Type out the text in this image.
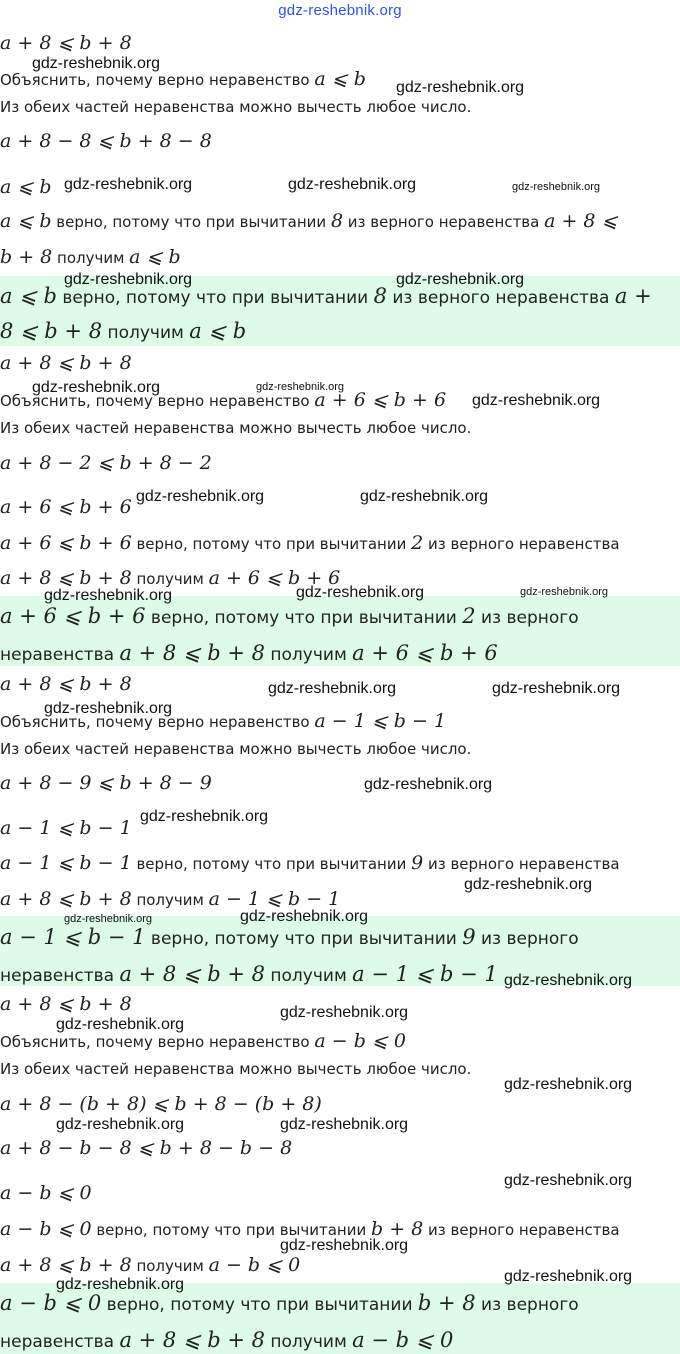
gdz-reshebnik.org
a + 8 ⩽ b + 8
Объяснить, почему верно неравенство a ⩽ b
Из обеих частей неравенства можно вычесть любое число.
a + 8 − 8 ⩽ b + 8 − 8
a ⩽ b
a ⩽ b верно, потому что при вычитании 8 из верного неравенства a + 8 ⩽
b + 8 получим a ⩽ b
a ⩽ b верно, потому что при вычитании 8 из верного неравенства a +
8 ⩽ b + 8 получим a ⩽ b
a + 8 ⩽ b + 8
Объяснить, почему верно неравенство a + 6 ⩽ b + 6
Из обеих частей неравенства можно вычесть любое число.
a + 8 − 2 ⩽ b + 8 − 2
a + 6 ⩽ b + 6
a + 6 ⩽ b + 6 верно, потому что при вычитании 2 из верного неравенства
a + 8 ⩽ b + 8 получим a + 6 ⩽ b + 6
a + 6 ⩽ b + 6 верно, потому что при вычитании 2 из верного
неравенства a + 8 ⩽ b + 8 получим a + 6 ⩽ b + 6
a + 8 ⩽ b + 8
Объяснить, почему верно неравенство a − 1 ⩽ b − 1
Из обеих частей неравенства можно вычесть любое число.
a + 8 − 9 ⩽ b + 8 − 9
a − 1 ⩽ b − 1
a − 1 ⩽ b − 1 верно, потому что при вычитании 9 из верного неравенства
a + 8 ⩽ b + 8 получим a − 1 ⩽ b − 1
a − 1 ⩽ b − 1 верно, потому что при вычитании 9 из верного
неравенства a + 8 ⩽ b + 8 получим a − 1 ⩽ b − 1
a + 8 ⩽ b + 8
Объяснить, почему верно неравенство a − b ⩽ 0
Из обеих частей неравенства можно вычесть любое число.
a + 8 − (b + 8) ⩽ b + 8 − (b + 8)
a + 8 − b − 8 ⩽ b + 8 − b − 8
a − b ⩽ 0
a − b ⩽ 0 верно, потому что при вычитании b + 8 из верного неравенства
a + 8 ⩽ b + 8 получим a − b ⩽ 0
a − b ⩽ 0 верно, потому что при вычитании b + 8 из верного
неравенства a + 8 ⩽ b + 8 получим a − b ⩽ 0
gdz-reshebnik.org
gdz-reshebnik.org
gdz-reshebnik.org	gdz-reshebnik.org	gdz-reshebnik.org
gdz-reshebnik.org	gdz-reshebnik.org
gdz-reshebnik.org	gdz-reshebnik.org
gdz-reshebnik.org
gdz-reshebnik.org	gdz-reshebnik.org
gdz-reshebnik.org	gdz-reshebnik.org
gdz-reshebnik.org
gdz-reshebnik.org	gdz-reshebnik.org
gdz-reshebnik.org
gdz-reshebnik.org
gdz-reshebnik.org
gdz-reshebnik.org
gdz-reshebnik.org	gdz-reshebnik.org
gdz-reshebnik.org
gdz-reshebnik.org
gdz-reshebnik.org
gdz-reshebnik.org
gdz-reshebnik.org	gdz-reshebnik.org
gdz-reshebnik.org
gdz-reshebnik.org
gdz-reshebnik.org
gdz-reshebnik.org
